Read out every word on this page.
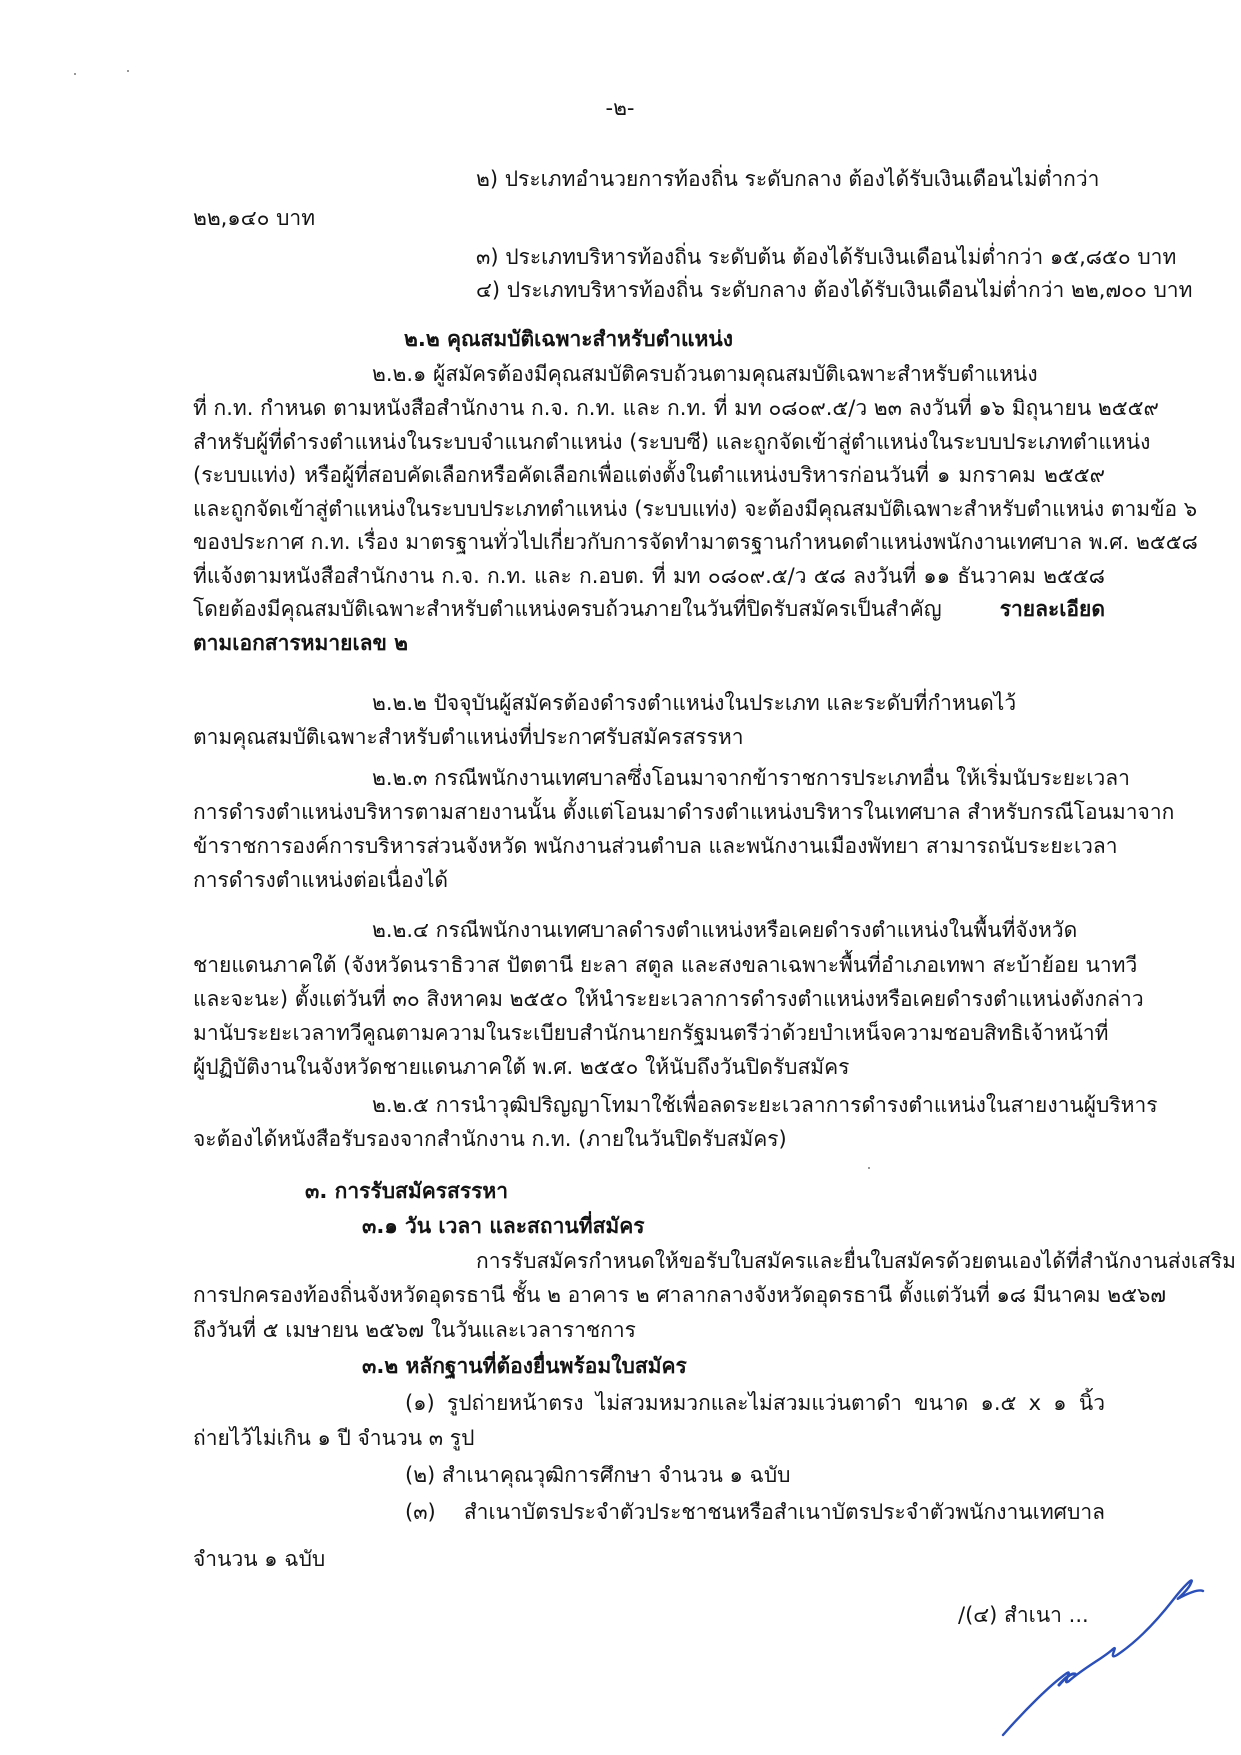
-๒-
๒) ประเภทอำนวยการท้องถิ่น ระดับกลาง ต้องได้รับเงินเดือนไม่ต่ำกว่า
๒๒,๑๔๐ บาท
๓) ประเภทบริหารท้องถิ่น ระดับต้น ต้องได้รับเงินเดือนไม่ต่ำกว่า ๑๕,๘๕๐ บาท
๔) ประเภทบริหารท้องถิ่น ระดับกลาง ต้องได้รับเงินเดือนไม่ต่ำกว่า ๒๒,๗๐๐ บาท
๒.๒ คุณสมบัติเฉพาะสำหรับตำแหน่ง
๒.๒.๑ ผู้สมัครต้องมีคุณสมบัติครบถ้วนตามคุณสมบัติเฉพาะสำหรับตำแหน่ง
ที่ ก.ท. กำหนด ตามหนังสือสำนักงาน ก.จ. ก.ท. และ ก.ท. ที่ มท ๐๘๐๙.๕/ว ๒๓ ลงวันที่ ๑๖ มิถุนายน ๒๕๕๙
สำหรับผู้ที่ดำรงตำแหน่งในระบบจำแนกตำแหน่ง (ระบบซี) และถูกจัดเข้าสู่ตำแหน่งในระบบประเภทตำแหน่ง
(ระบบแท่ง) หรือผู้ที่สอบคัดเลือกหรือคัดเลือกเพื่อแต่งตั้งในตำแหน่งบริหารก่อนวันที่ ๑ มกราคม ๒๕๕๙
และถูกจัดเข้าสู่ตำแหน่งในระบบประเภทตำแหน่ง (ระบบแท่ง) จะต้องมีคุณสมบัติเฉพาะสำหรับตำแหน่ง ตามข้อ ๖
ของประกาศ ก.ท. เรื่อง มาตรฐานทั่วไปเกี่ยวกับการจัดทำมาตรฐานกำหนดตำแหน่งพนักงานเทศบาล พ.ศ. ๒๕๕๘
ที่แจ้งตามหนังสือสำนักงาน ก.จ. ก.ท. และ ก.อบต. ที่ มท ๐๘๐๙.๕/ว ๕๘ ลงวันที่ ๑๑ ธันวาคม ๒๕๕๘
โดยต้องมีคุณสมบัติเฉพาะสำหรับตำแหน่งครบถ้วนภายในวันที่ปิดรับสมัครเป็นสำคัญ	รายละเอียด
ตามเอกสารหมายเลข ๒
๒.๒.๒ ปัจจุบันผู้สมัครต้องดำรงตำแหน่งในประเภท และระดับที่กำหนดไว้
ตามคุณสมบัติเฉพาะสำหรับตำแหน่งที่ประกาศรับสมัครสรรหา
๒.๒.๓ กรณีพนักงานเทศบาลซึ่งโอนมาจากข้าราชการประเภทอื่น ให้เริ่มนับระยะเวลา
การดำรงตำแหน่งบริหารตามสายงานนั้น ตั้งแต่โอนมาดำรงตำแหน่งบริหารในเทศบาล สำหรับกรณีโอนมาจาก
ข้าราชการองค์การบริหารส่วนจังหวัด พนักงานส่วนตำบล และพนักงานเมืองพัทยา สามารถนับระยะเวลา
การดำรงตำแหน่งต่อเนื่องได้
๒.๒.๔ กรณีพนักงานเทศบาลดำรงตำแหน่งหรือเคยดำรงตำแหน่งในพื้นที่จังหวัด
ชายแดนภาคใต้ (จังหวัดนราธิวาส ปัตตานี ยะลา สตูล และสงขลาเฉพาะพื้นที่อำเภอเทพา สะบ้าย้อย นาทวี
และจะนะ) ตั้งแต่วันที่ ๓๐ สิงหาคม ๒๕๕๐ ให้นำระยะเวลาการดำรงตำแหน่งหรือเคยดำรงตำแหน่งดังกล่าว
มานับระยะเวลาทวีคูณตามความในระเบียบสำนักนายกรัฐมนตรีว่าด้วยบำเหน็จความชอบสิทธิเจ้าหน้าที่
ผู้ปฏิบัติงานในจังหวัดชายแดนภาคใต้ พ.ศ. ๒๕๕๐ ให้นับถึงวันปิดรับสมัคร
๒.๒.๕ การนำวุฒิปริญญาโทมาใช้เพื่อลดระยะเวลาการดำรงตำแหน่งในสายงานผู้บริหาร
จะต้องได้หนังสือรับรองจากสำนักงาน ก.ท. (ภายในวันปิดรับสมัคร)
๓. การรับสมัครสรรหา
๓.๑ วัน เวลา และสถานที่สมัคร
การรับสมัครกำหนดให้ขอรับใบสมัครและยื่นใบสมัครด้วยตนเองได้ที่สำนักงานส่งเสริม
การปกครองท้องถิ่นจังหวัดอุดรธานี ชั้น ๒ อาคาร ๒ ศาลากลางจังหวัดอุดรธานี ตั้งแต่วันที่ ๑๘ มีนาคม ๒๕๖๗
ถึงวันที่ ๕ เมษายน ๒๕๖๗ ในวันและเวลาราชการ
๓.๒ หลักฐานที่ต้องยื่นพร้อมใบสมัคร
(๑) รูปถ่ายหน้าตรง ไม่สวมหมวกและไม่สวมแว่นตาดำ ขนาด ๑.๕ x ๑ นิ้ว
ถ่ายไว้ไม่เกิน ๑ ปี จำนวน ๓ รูป
(๒) สำเนาคุณวุฒิการศึกษา จำนวน ๑ ฉบับ
(๓) สำเนาบัตรประจำตัวประชาชนหรือสำเนาบัตรประจำตัวพนักงานเทศบาล
จำนวน ๑ ฉบับ
/(๔) สำเนา ...
